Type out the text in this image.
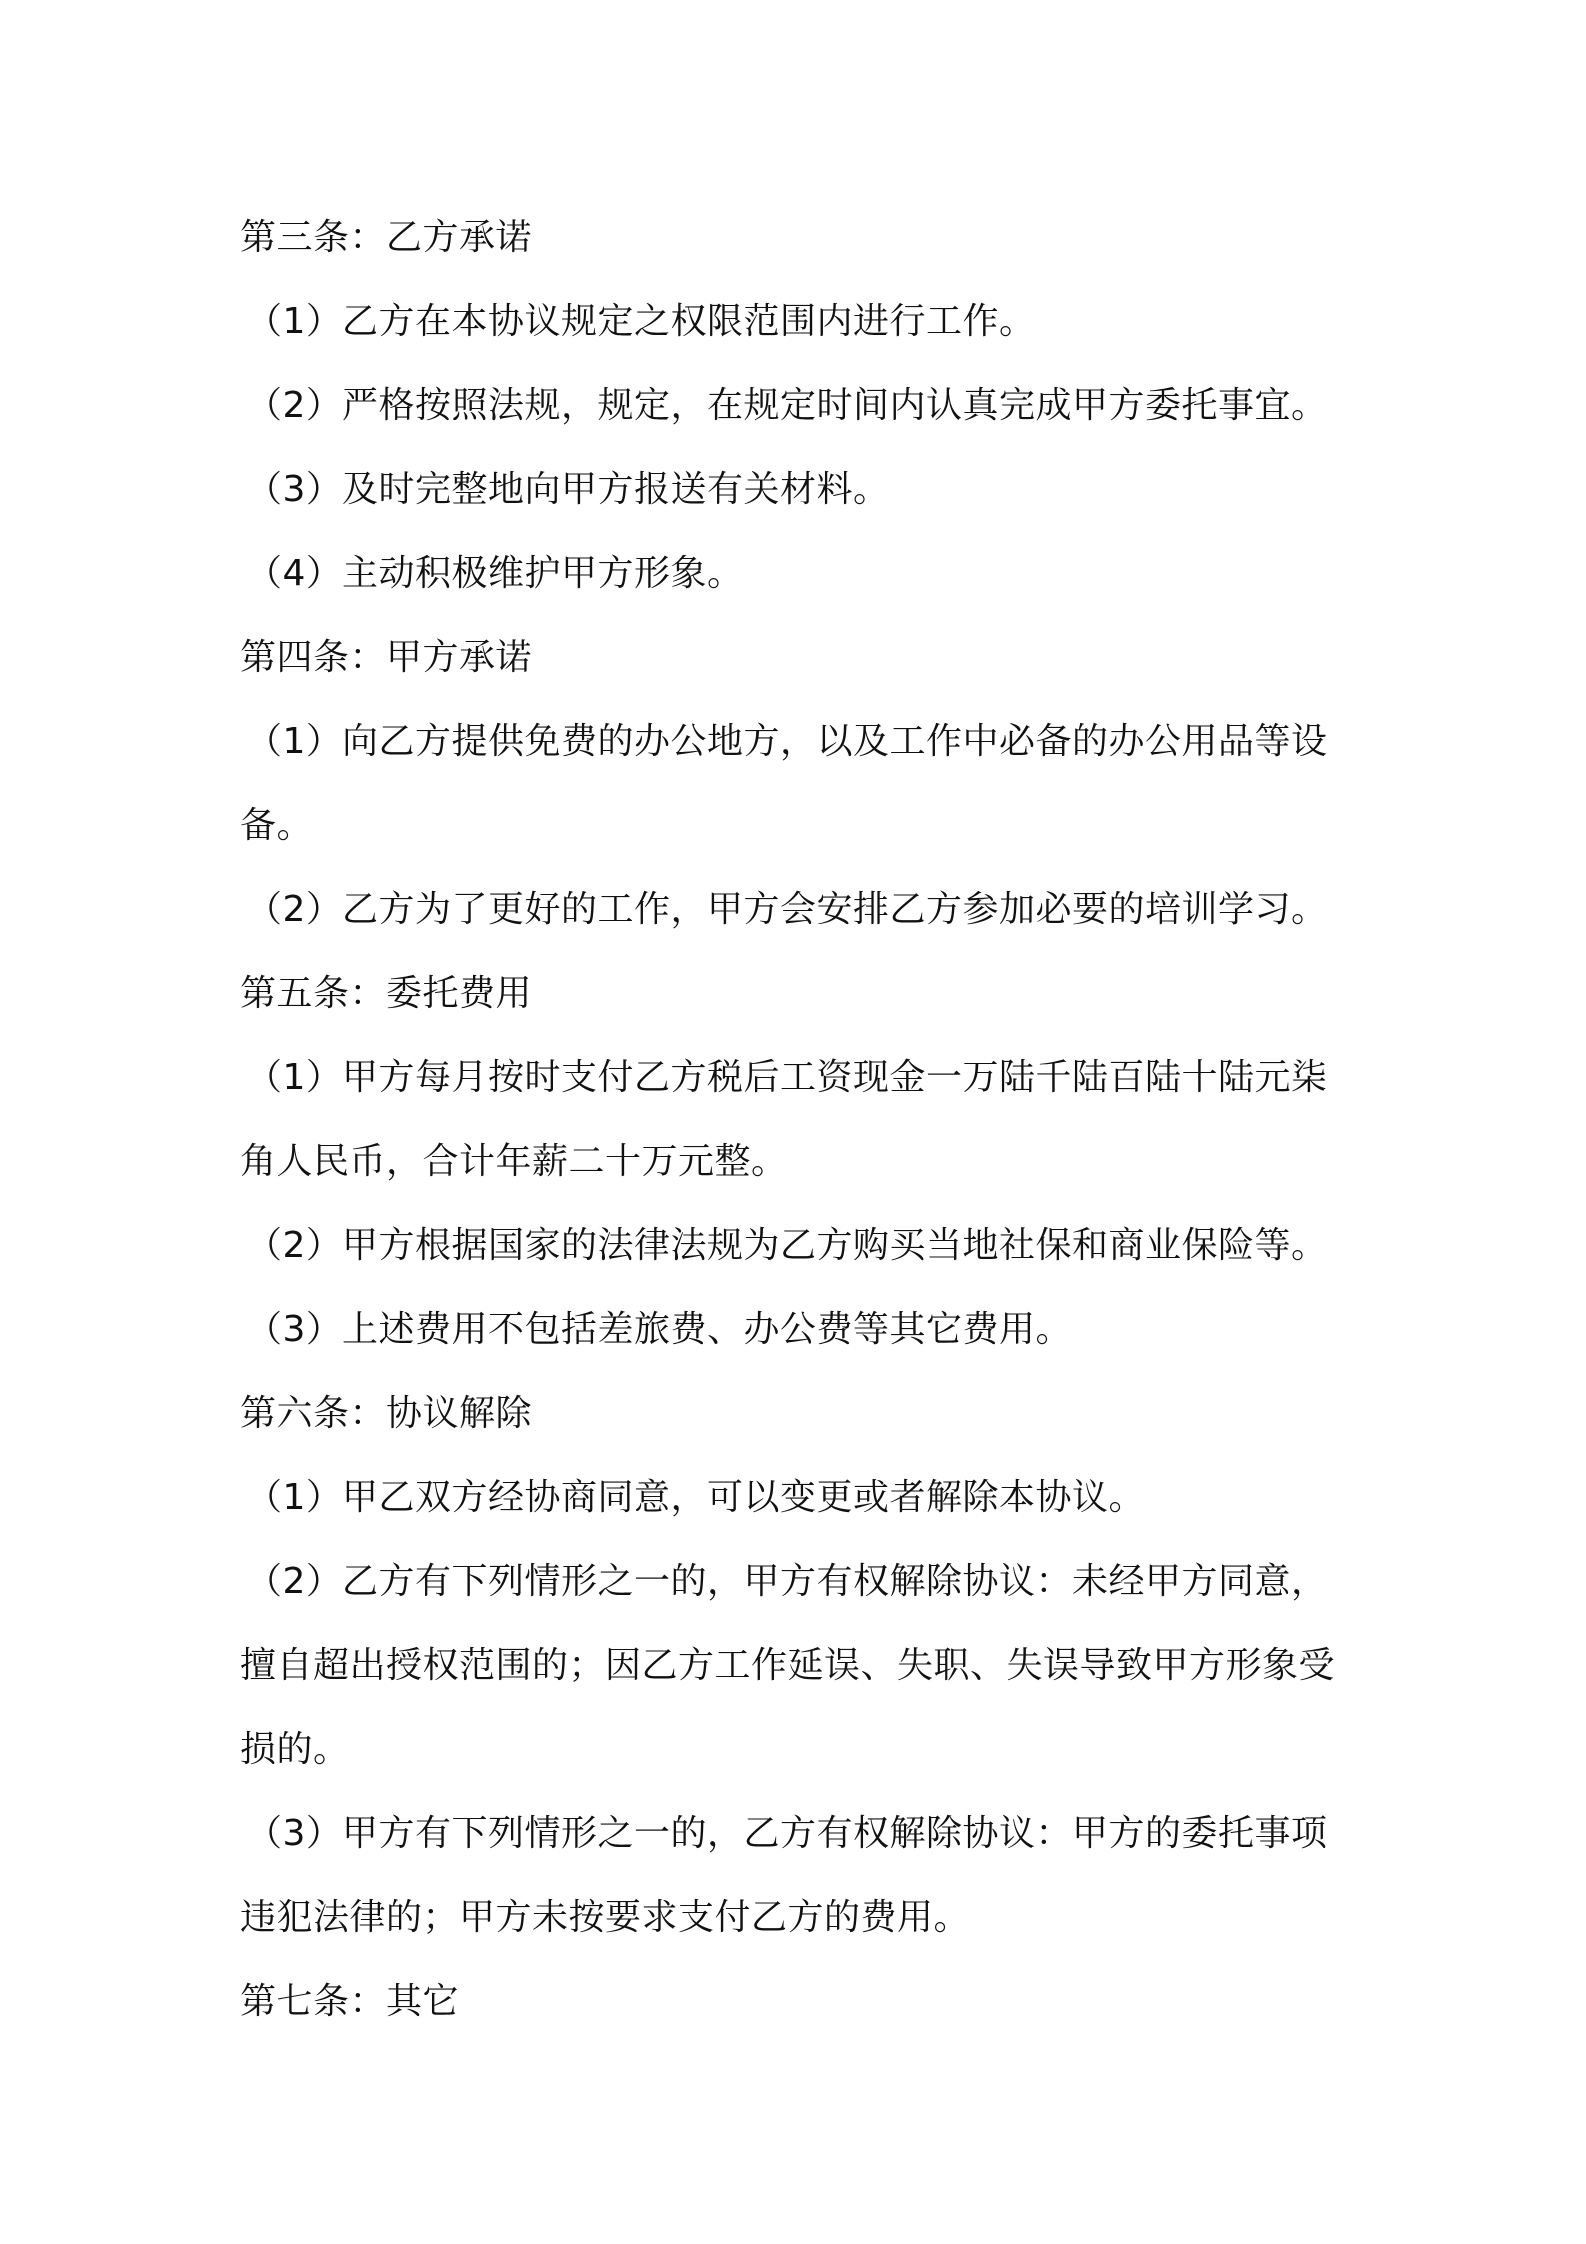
第三条：乙方承诺
（1）乙方在本协议规定之权限范围内进行工作。
（2）严格按照法规，规定，在规定时间内认真完成甲方委托事宜。
（3）及时完整地向甲方报送有关材料。
（4）主动积极维护甲方形象。
第四条：甲方承诺
（1）向乙方提供免费的办公地方，以及工作中必备的办公用品等设
备。
（2）乙方为了更好的工作，甲方会安排乙方参加必要的培训学习。
第五条：委托费用
（1）甲方每月按时支付乙方税后工资现金一万陆千陆百陆十陆元柒
角人民币，合计年薪二十万元整。
（2）甲方根据国家的法律法规为乙方购买当地社保和商业保险等。
（3）上述费用不包括差旅费、办公费等其它费用。
第六条：协议解除
（1）甲乙双方经协商同意，可以变更或者解除本协议。
（2）乙方有下列情形之一的，甲方有权解除协议：未经甲方同意，
擅自超出授权范围的；因乙方工作延误、失职、失误导致甲方形象受
损的。
（3）甲方有下列情形之一的，乙方有权解除协议：甲方的委托事项
违犯法律的；甲方未按要求支付乙方的费用。
第七条：其它
